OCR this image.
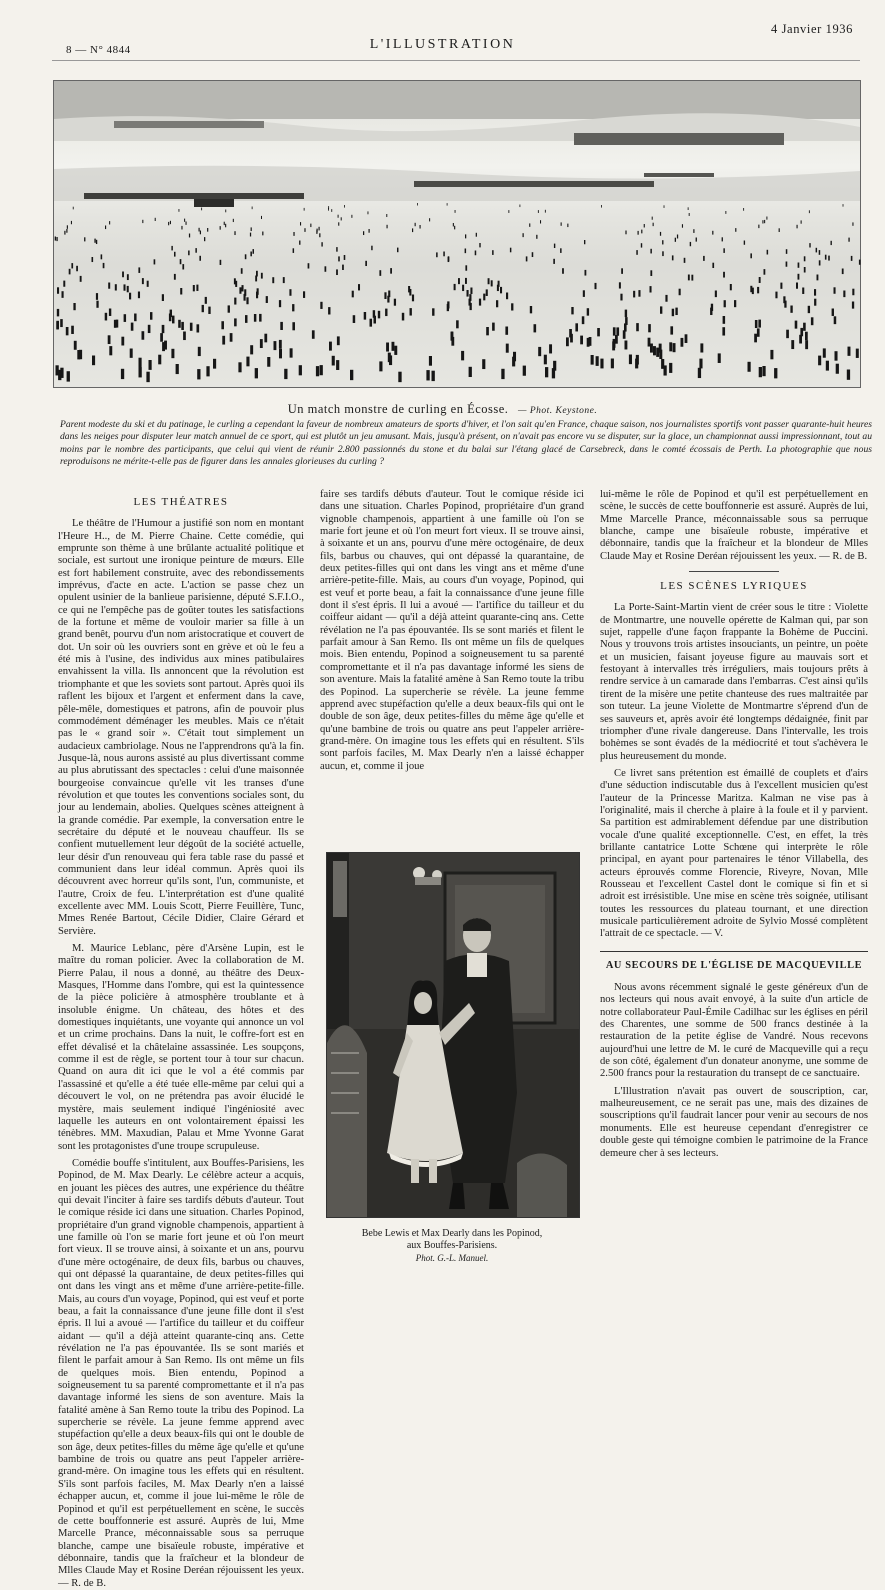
8 — N° 4844	L'ILLUSTRATION
4 Janvier 1936
Un match monstre de curling en Écosse. — Phot. Keystone.
Parent modeste du ski et du patinage, le curling a cependant la faveur de nombreux amateurs de sports d'hiver, et l'on sait qu'en France, chaque saison, nos journalistes sportifs vont passer quarante-huit heures dans les neiges pour disputer leur match annuel de ce sport, qui est plutôt un jeu amusant. Mais, jusqu'à présent, on n'avait pas encore vu se disputer, sur la glace, un championnat aussi impressionnant, tout au moins par le nombre des participants, que celui qui vient de réunir 2.800 passionnés du stone et du balai sur l'étang glacé de Carsebreck, dans le comté écossais de Perth. La photographie que nous reproduisons ne mérite-t-elle pas de figurer dans les annales glorieuses du curling ?
LES THÉATRES

Le théâtre de l'Humour a justifié son nom en montant l'Heure H.., de M. Pierre Chaine. Cette comédie, qui emprunte son thème à une brûlante actualité politique et sociale, est surtout une ironique peinture de mœurs. Elle est fort habilement construite, avec des rebondissements imprévus, d'acte en acte. L'action se passe chez un opulent usinier de la banlieue parisienne, député S.F.I.O., ce qui ne l'empêche pas de goûter toutes les satisfactions de la fortune et même de vouloir marier sa fille à un grand benêt, pourvu d'un nom aristocratique et couvert de dot. Un soir où les ouvriers sont en grève et où le feu a été mis à l'usine, des individus aux mines patibulaires envahissent la villa. Ils annoncent que la révolution est triomphante et que les soviets sont partout. Après quoi ils raflent les bijoux et l'argent et enferment dans la cave, pêle-mêle, domestiques et patrons, afin de pouvoir plus commodément déménager les meubles. Mais ce n'était pas le « grand soir ». C'était tout simplement un audacieux cambriolage. Nous ne l'apprendrons qu'à la fin. Jusque-là, nous aurons assisté au plus divertissant comme au plus abrutissant des spectacles : celui d'une maisonnée bourgeoise convaincue qu'elle vit les transes d'une révolution et que toutes les conventions sociales sont, du jour au lendemain, abolies. Quelques scènes atteignent à la grande comédie. Par exemple, la conversation entre le secrétaire du député et le nouveau chauffeur. Ils se confient mutuellement leur dégoût de la société actuelle, leur désir d'un renouveau qui fera table rase du passé et communient dans leur idéal commun. Après quoi ils découvrent avec horreur qu'ils sont, l'un, communiste, et l'autre, Croix de feu. L'interprétation est d'une qualité excellente avec MM. Louis Scott, Pierre Feuillère, Tunc, Mmes Renée Bartout, Cécile Didier, Claire Gérard et Servière.

M. Maurice Leblanc, père d'Arsène Lupin, est le maître du roman policier. Avec la collaboration de M. Pierre Palau, il nous a donné, au théâtre des Deux-Masques, l'Homme dans l'ombre, qui est la quintessence de la pièce policière à atmosphère troublante et à insoluble énigme. Un château, des hôtes et des domestiques inquiétants, une voyante qui annonce un vol et un crime prochains. Dans la nuit, le coffre-fort est en effet dévalisé et la châtelaine assassinée. Les soupçons, comme il est de règle, se portent tour à tour sur chacun. Quand on aura dit ici que le vol a été commis par l'assassiné et qu'elle a été tuée elle-même par celui qui a découvert le vol, on ne prétendra pas avoir élucidé le mystère, mais seulement indiqué l'ingéniosité avec laquelle les auteurs en ont volontairement épaissi les ténèbres. MM. Maxudian, Palau et Mme Yvonne Garat sont les protagonistes d'une troupe scrupuleuse.

Comédie bouffe s'intitulent, aux Bouffes-Parisiens, les Popinod, de M. Max Dearly. Le célèbre acteur a acquis, en jouant les pièces des autres, une expérience du théâtre qui devait l'inciter à faire ses tardifs débuts d'auteur. Tout le comique réside ici dans une situation. Charles Popinod, propriétaire d'un grand vignoble champenois, appartient à une famille où l'on se marie fort jeune et où l'on meurt fort vieux. Il se trouve ainsi, à soixante et un ans, pourvu d'une mère octogénaire, de deux fils, barbus ou chauves, qui ont dépassé la quarantaine, de deux petites-filles qui ont dans les vingt ans et même d'une arrière-petite-fille. Mais, au cours d'un voyage, Popinod, qui est veuf et porte beau, a fait la connaissance d'une jeune fille dont il s'est épris. Il lui a avoué — l'artifice du tailleur et du coiffeur aidant — qu'il a déjà atteint quarante-cinq ans. Cette révélation ne l'a pas épouvantée. Ils se sont mariés et filent le parfait amour à San Remo. Ils ont même un fils de quelques mois. Bien entendu, Popinod a soigneusement tu sa parenté compromettante et il n'a pas davantage informé les siens de son aventure. Mais la fatalité amène à San Remo toute la tribu des Popinod. La supercherie se révèle. La jeune femme apprend avec stupéfaction qu'elle a deux beaux-fils qui ont le double de son âge, deux petites-filles du même âge qu'elle et qu'une bambine de trois ou quatre ans peut l'appeler arrière-grand-mère. On imagine tous les effets qui en résultent. S'ils sont parfois faciles, M. Max Dearly n'en a laissé échapper aucun, et, comme il joue lui-même le rôle de Popinod et qu'il est perpétuellement en scène, le succès de cette bouffonnerie est assuré. Auprès de lui, Mme Marcelle Prance, méconnaissable sous sa perruque blanche, campe une bisaïeule robuste, impérative et débonnaire, tandis que la fraîcheur et la blondeur de Mlles Claude May et Rosine Deréan réjouissent les yeux. — R. de B.

faire ses tardifs débuts d'auteur. Tout le comique réside ici dans une situation. Charles Popinod, propriétaire d'un grand vignoble champenois, appartient à une famille où l'on se marie fort jeune et où l'on meurt fort vieux. Il se trouve ainsi, à soixante et un ans, pourvu d'une mère octogénaire, de deux fils, barbus ou chauves, qui ont dépassé la quarantaine, de deux petites-filles qui ont dans les vingt ans et même d'une arrière-petite-fille. Mais, au cours d'un voyage, Popinod, qui est veuf et porte beau, a fait la connaissance d'une jeune fille dont il s'est épris. Il lui a avoué — l'artifice du tailleur et du coiffeur aidant — qu'il a déjà atteint quarante-cinq ans. Cette révélation ne l'a pas épouvantée. Ils se sont mariés et filent le parfait amour à San Remo. Ils ont même un fils de quelques mois. Bien entendu, Popinod a soigneusement tu sa parenté compromettante et il n'a pas davantage informé les siens de son aventure. Mais la fatalité amène à San Remo toute la tribu des Popinod. La supercherie se révèle. La jeune femme apprend avec stupéfaction qu'elle a deux beaux-fils qui ont le double de son âge, deux petites-filles du même âge qu'elle et qu'une bambine de trois ou quatre ans peut l'appeler arrière-grand-mère. On imagine tous les effets qui en résultent. S'ils sont parfois faciles, M. Max Dearly n'en a laissé échapper aucun, et, comme il joue

Bebe Lewis et Max Dearly dans les Popinod,
aux Bouffes-Parisiens.
Phot. G.-L. Manuel.

lui-même le rôle de Popinod et qu'il est perpétuellement en scène, le succès de cette bouffonnerie est assuré. Auprès de lui, Mme Marcelle Prance, méconnaissable sous sa perruque blanche, campe une bisaïeule robuste, impérative et débonnaire, tandis que la fraîcheur et la blondeur de Mlles Claude May et Rosine Deréan réjouissent les yeux. — R. de B.

LES SCÈNES LYRIQUES

La Porte-Saint-Martin vient de créer sous le titre : Violette de Montmartre, une nouvelle opérette de Kalman qui, par son sujet, rappelle d'une façon frappante la Bohème de Puccini. Nous y trouvons trois artistes insouciants, un peintre, un poète et un musicien, faisant joyeuse figure au mauvais sort et festoyant à intervalles très irréguliers, mais toujours prêts à rendre service à un camarade dans l'embarras. C'est ainsi qu'ils tirent de la misère une petite chanteuse des rues maltraitée par son tuteur. La jeune Violette de Montmartre s'éprend d'un de ses sauveurs et, après avoir été longtemps dédaignée, finit par triompher d'une rivale dangereuse. Dans l'intervalle, les trois bohèmes se sont évadés de la médiocrité et tout s'achèvera le plus heureusement du monde.

Ce livret sans prétention est émaillé de couplets et d'airs d'une séduction indiscutable dus à l'excellent musicien qu'est l'auteur de la Princesse Maritza. Kalman ne vise pas à l'originalité, mais il cherche à plaire à la foule et il y parvient. Sa partition est admirablement défendue par une distribution vocale d'une qualité exceptionnelle. C'est, en effet, la très brillante cantatrice Lotte Schœne qui interprète le rôle principal, en ayant pour partenaires le ténor Villabella, des acteurs éprouvés comme Florencie, Riveyre, Novan, Mlle Rousseau et l'excellent Castel dont le comique si fin et si adroit est irrésistible. Une mise en scène très soignée, utilisant toutes les ressources du plateau tournant, et une direction musicale particulièrement adroite de Sylvio Mossé complètent l'attrait de ce spectacle. — V.

AU SECOURS DE L'ÉGLISE DE MACQUEVILLE

Nous avons récemment signalé le geste généreux d'un de nos lecteurs qui nous avait envoyé, à la suite d'un article de notre collaborateur Paul-Émile Cadilhac sur les églises en péril des Charentes, une somme de 500 francs destinée à la restauration de la petite église de Vandré. Nous recevons aujourd'hui une lettre de M. le curé de Macqueville qui a reçu de son côté, également d'un donateur anonyme, une somme de 2.500 francs pour la restauration du transept de ce sanctuaire.

L'Illustration n'avait pas ouvert de souscription, car, malheureusement, ce ne serait pas une, mais des dizaines de souscriptions qu'il faudrait lancer pour venir au secours de nos monuments. Elle est heureuse cependant d'enregistrer ce double geste qui témoigne combien le patrimoine de la France demeure cher à ses lecteurs.
